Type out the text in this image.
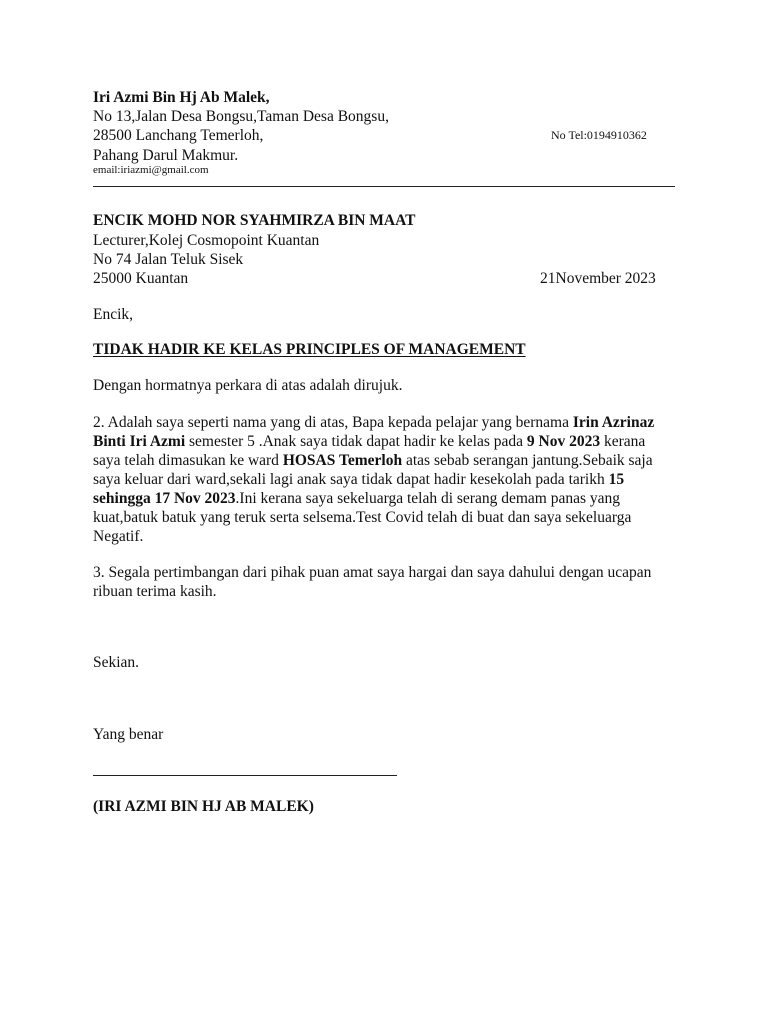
Iri Azmi Bin Hj Ab Malek,
No 13,Jalan Desa Bongsu,Taman Desa Bongsu,
28500 Lanchang Temerloh,
Pahang Darul Makmur.
email:iriazmi@gmail.com
No Tel:0194910362
ENCIK MOHD NOR SYAHMIRZA BIN MAAT
Lecturer,Kolej Cosmopoint Kuantan
No 74 Jalan Teluk Sisek
25000 Kuantan	21November 2023
Encik,
TIDAK HADIR KE KELAS PRINCIPLES OF MANAGEMENT
Dengan hormatnya perkara di atas adalah dirujuk.
2. Adalah saya seperti nama yang di atas, Bapa kepada pelajar yang bernama Irin Azrinaz Binti Iri Azmi semester 5 .Anak saya tidak dapat hadir ke kelas pada 9 Nov 2023 kerana saya telah dimasukan ke ward HOSAS Temerloh atas sebab serangan jantung.Sebaik saja saya keluar dari ward,sekali lagi anak saya tidak dapat hadir kesekolah pada tarikh 15 sehingga 17 Nov 2023.Ini kerana saya sekeluarga telah di serang demam panas yang kuat,batuk batuk yang teruk serta selsema.Test Covid telah di buat dan saya sekeluarga Negatif.
3. Segala pertimbangan dari pihak puan amat saya hargai dan saya dahului dengan ucapan ribuan terima kasih.
Sekian.
Yang benar
(IRI AZMI BIN HJ AB MALEK)
